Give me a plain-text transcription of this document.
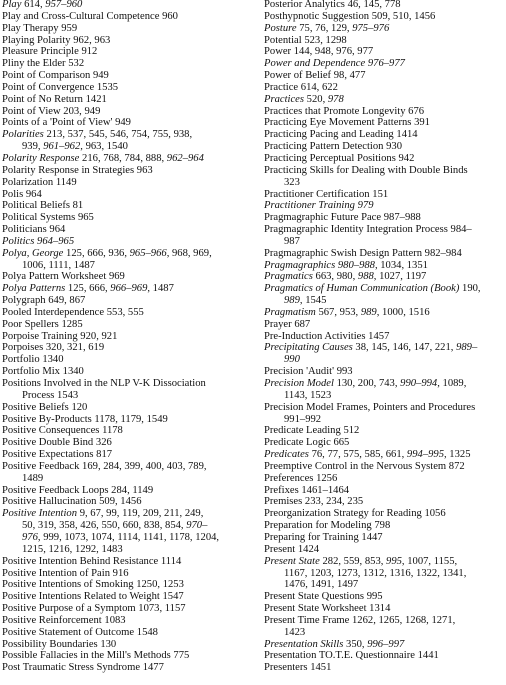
Play 614, 957–960
Play and Cross-Cultural Competence 960
Play Therapy 959
Playing Polarity 962, 963
Pleasure Principle 912
Pliny the Elder 532
Point of Comparison 949
Point of Convergence 1535
Point of No Return 1421
Point of View 203, 949
Points of a 'Point of View' 949
Polarities 213, 537, 545, 546, 754, 755, 938,
939, 961–962, 963, 1540
Polarity Response 216, 768, 784, 888, 962–964
Polarity Response in Strategies 963
Polarization 1149
Polis 964
Political Beliefs 81
Political Systems 965
Politicians 964
Politics 964–965
Polya, George 125, 666, 936, 965–966, 968, 969,
1006, 1111, 1487
Polya Pattern Worksheet 969
Polya Patterns 125, 666, 966–969, 1487
Polygraph 649, 867
Pooled Interdependence 553, 555
Poor Spellers 1285
Porpoise Training 920, 921
Porpoises 320, 321, 619
Portfolio 1340
Portfolio Mix 1340
Positions Involved in the NLP V-K Dissociation
Process 1543
Positive Beliefs 120
Positive By-Products 1178, 1179, 1549
Positive Consequences 1178
Positive Double Bind 326
Positive Expectations 817
Positive Feedback 169, 284, 399, 400, 403, 789,
1489
Positive Feedback Loops 284, 1149
Positive Hallucination 509, 1456
Positive Intention 9, 67, 99, 119, 209, 211, 249,
50, 319, 358, 426, 550, 660, 838, 854, 970–
976, 999, 1073, 1074, 1114, 1141, 1178, 1204,
1215, 1216, 1292, 1483
Positive Intention Behind Resistance 1114
Positive Intention of Pain 916
Positive Intentions of Smoking 1250, 1253
Positive Intentions Related to Weight 1547
Positive Purpose of a Symptom 1073, 1157
Positive Reinforcement 1083
Positive Statement of Outcome 1548
Possibility Boundaries 130
Possible Fallacies in the Mill's Methods 775
Post Traumatic Stress Syndrome 1477
Posterior Analytics 46, 145, 778
Posthypnotic Suggestion 509, 510, 1456
Posture 75, 76, 129, 975–976
Potential 523, 1298
Power 144, 948, 976, 977
Power and Dependence 976–977
Power of Belief 98, 477
Practice 614, 622
Practices 520, 978
Practices that Promote Longevity 676
Practicing Eye Movement Patterns 391
Practicing Pacing and Leading 1414
Practicing Pattern Detection 930
Practicing Perceptual Positions 942
Practicing Skills for Dealing with Double Binds
323
Practitioner Certification 151
Practitioner Training 979
Pragmagraphic Future Pace 987–988
Pragmagraphic Identity Integration Process 984–
987
Pragmagraphic Swish Design Pattern 982–984
Pragmagraphics 980–988, 1034, 1351
Pragmatics 663, 980, 988, 1027, 1197
Pragmatics of Human Communication (Book) 190,
989, 1545
Pragmatism 567, 953, 989, 1000, 1516
Prayer 687
Pre-Induction Activities 1457
Precipitating Causes 38, 145, 146, 147, 221, 989–
990
Precision 'Audit' 993
Precision Model 130, 200, 743, 990–994, 1089,
1143, 1523
Precision Model Frames, Pointers and Procedures
991–992
Predicate Leading 512
Predicate Logic 665
Predicates 76, 77, 575, 585, 661, 994–995, 1325
Preemptive Control in the Nervous System 872
Preferences 1256
Prefixes 1461–1464
Premises 233, 234, 235
Preorganization Strategy for Reading 1056
Preparation for Modeling 798
Preparing for Training 1447
Present 1424
Present State 282, 559, 853, 995, 1007, 1155,
1167, 1203, 1273, 1312, 1316, 1322, 1341,
1476, 1491, 1497
Present State Questions 995
Present State Worksheet 1314
Present Time Frame 1262, 1265, 1268, 1271,
1423
Presentation Skills 350, 996–997
Presentation TO.T.E. Questionnaire 1441
Presenters 1451
